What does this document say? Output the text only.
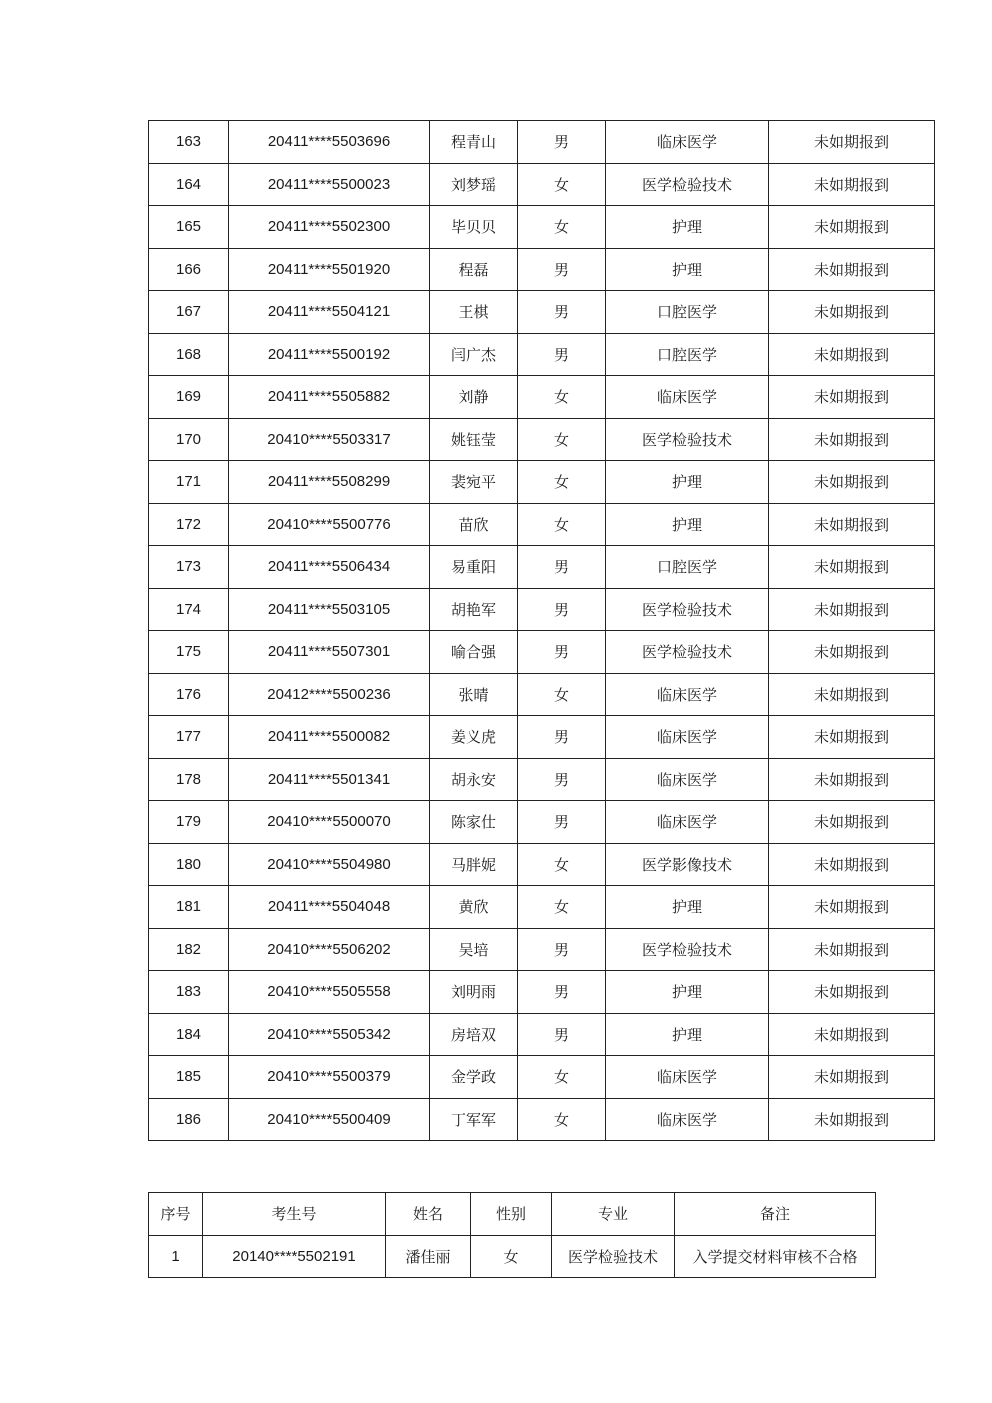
163	20411****5503696	程青山	男	临床医学	未如期报到
164	20411****5500023	刘梦瑶	女	医学检验技术	未如期报到
165	20411****5502300	毕贝贝	女	护理	未如期报到
166	20411****5501920	程磊	男	护理	未如期报到
167	20411****5504121	王棋	男	口腔医学	未如期报到
168	20411****5500192	闫广杰	男	口腔医学	未如期报到
169	20411****5505882	刘静	女	临床医学	未如期报到
170	20410****5503317	姚钰莹	女	医学检验技术	未如期报到
171	20411****5508299	裴宛平	女	护理	未如期报到
172	20410****5500776	苗欣	女	护理	未如期报到
173	20411****5506434	易重阳	男	口腔医学	未如期报到
174	20411****5503105	胡艳军	男	医学检验技术	未如期报到
175	20411****5507301	喻合强	男	医学检验技术	未如期报到
176	20412****5500236	张晴	女	临床医学	未如期报到
177	20411****5500082	姜义虎	男	临床医学	未如期报到
178	20411****5501341	胡永安	男	临床医学	未如期报到
179	20410****5500070	陈家仕	男	临床医学	未如期报到
180	20410****5504980	马胖妮	女	医学影像技术	未如期报到
181	20411****5504048	黄欣	女	护理	未如期报到
182	20410****5506202	吴培	男	医学检验技术	未如期报到
183	20410****5505558	刘明雨	男	护理	未如期报到
184	20410****5505342	房培双	男	护理	未如期报到
185	20410****5500379	金学政	女	临床医学	未如期报到
186	20410****5500409	丁军军	女	临床医学	未如期报到
序号	考生号	姓名	性别	专业	备注
1	20140****5502191	潘佳丽	女	医学检验技术	入学提交材料审核不合格
